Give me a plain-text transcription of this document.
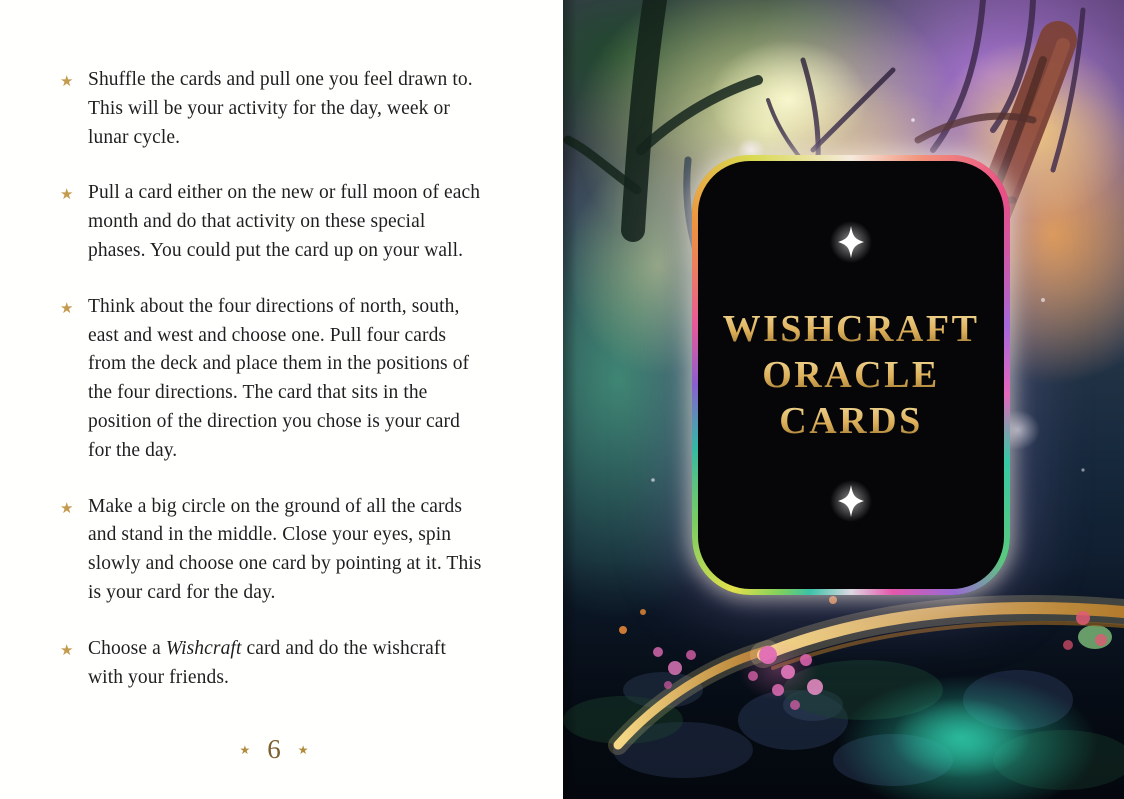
★ Shuffle the cards and pull one you feel drawn to. This will be your activity for the day, week or lunar cycle.
★ Pull a card either on the new or full moon of each month and do that activity on these special phases. You could put the card up on your wall.
★ Think about the four directions of north, south, east and west and choose one. Pull four cards from the deck and place them in the positions of the four directions. The card that sits in the position of the direction you chose is your card for the day.
★ Make a big circle on the ground of all the cards and stand in the middle. Close your eyes, spin slowly and choose one card by pointing at it. This is your card for the day.
★ Choose a Wishcraft card and do the wishcraft with your friends.
★ 6 ★
WISHCRAFT
ORACLE
CARDS
